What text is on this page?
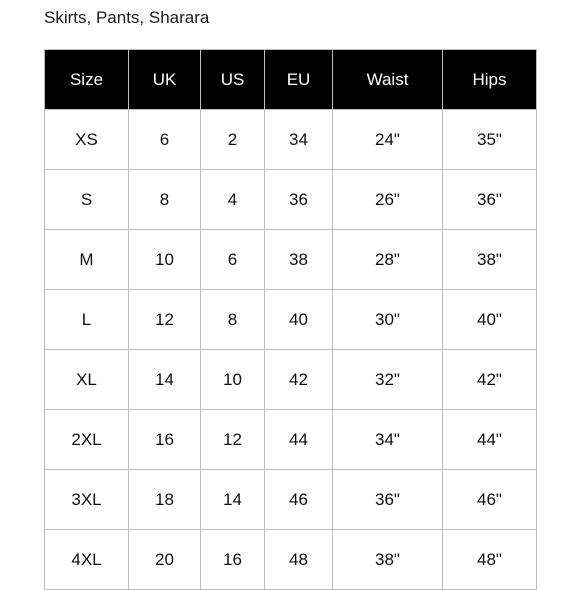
Skirts, Pants, Sharara
Size	UK	US	EU	Waist	Hips
XS	6	2	34	24"	35"
S	8	4	36	26"	36"
M	10	6	38	28"	38"
L	12	8	40	30"	40"
XL	14	10	42	32"	42"
2XL	16	12	44	34"	44"
3XL	18	14	46	36"	46"
4XL	20	16	48	38"	48"
